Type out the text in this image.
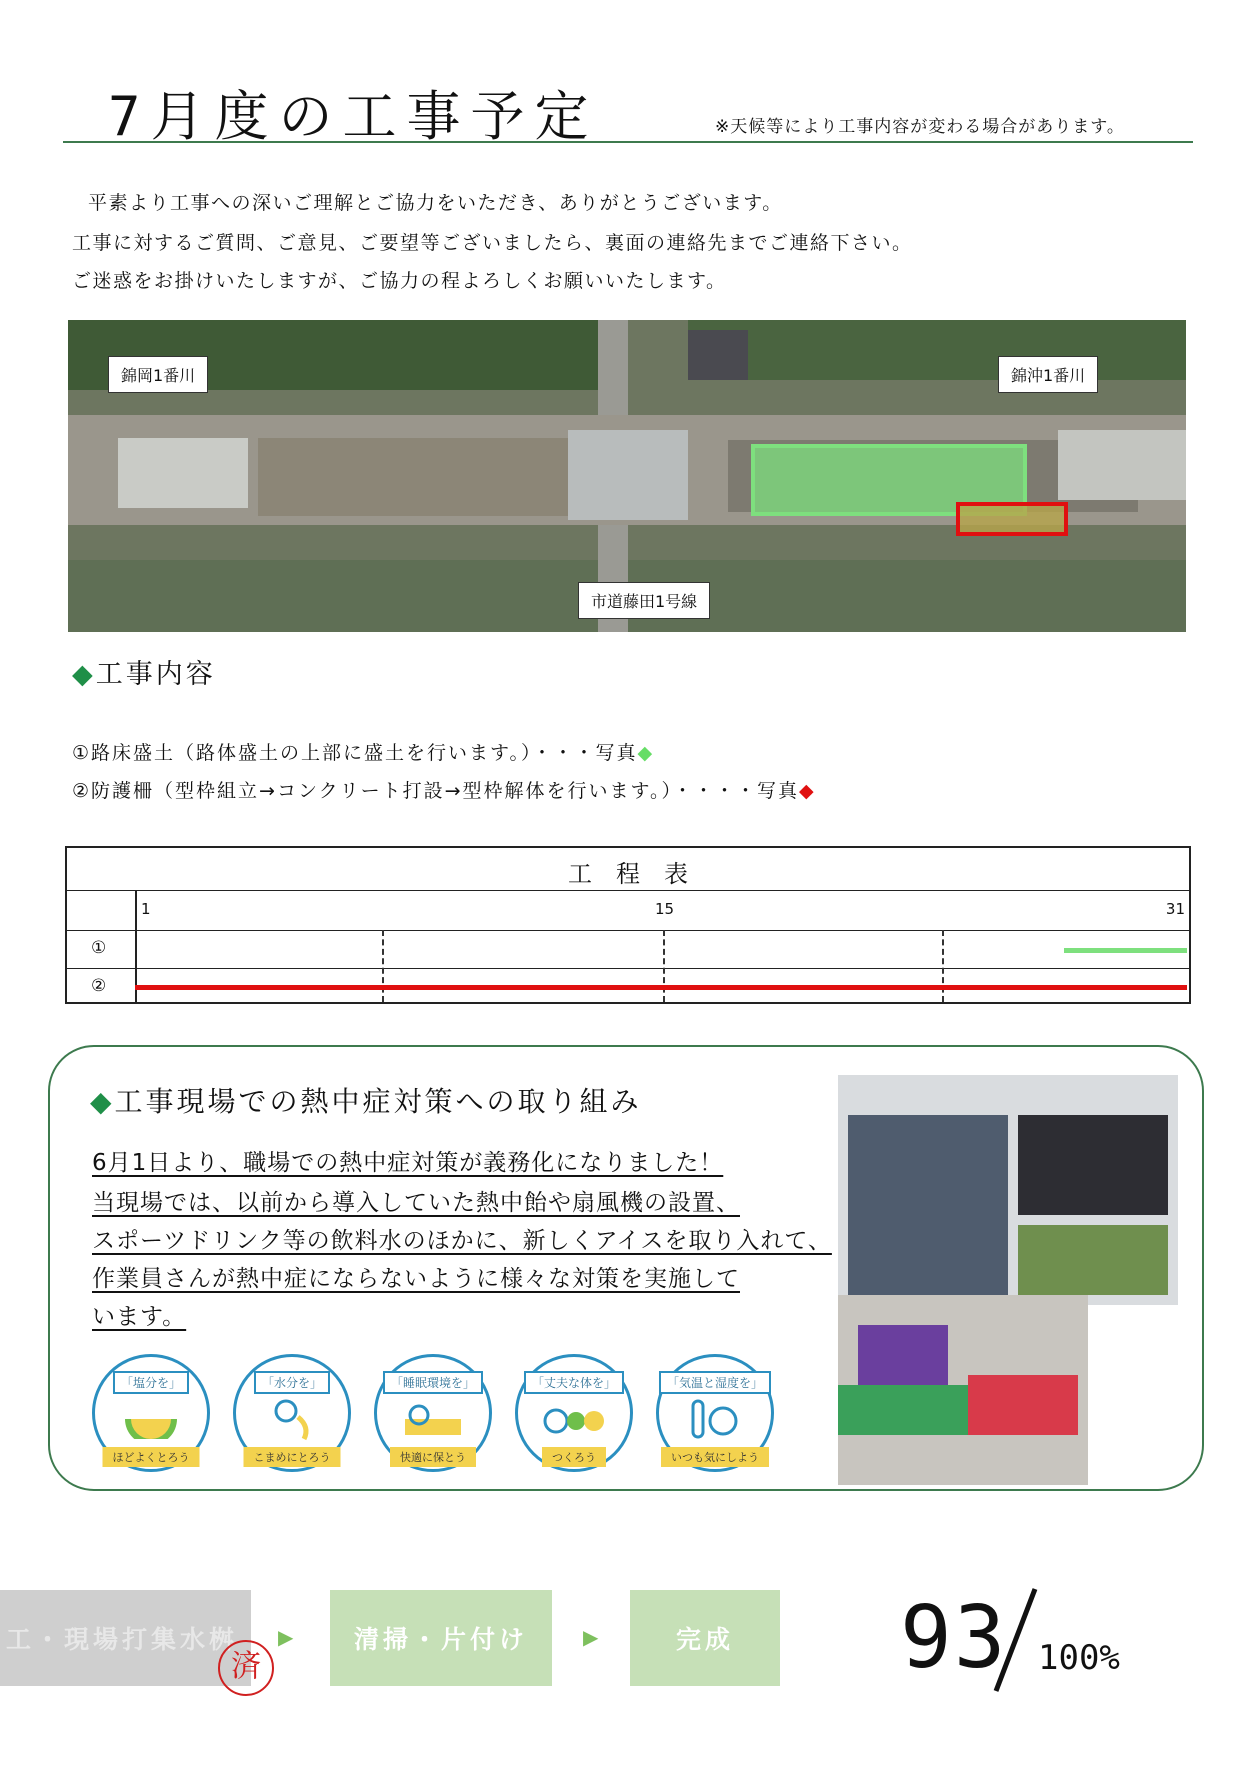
7月度の工事予定	※天候等により工事内容が変わる場合があります。
平素より工事への深いご理解とご協力をいただき、ありがとうございます。
工事に対するご質問、ご意見、ご要望等ございましたら、裏面の連絡先までご連絡下さい。
ご迷惑をお掛けいたしますが、ご協力の程よろしくお願いいたします。
錦岡1番川	錦沖1番川
市道藤田1号線
◆工事内容
①路床盛土（路体盛土の上部に盛土を行います。）・・・写真◆
②防護柵（型枠組立→コンクリート打設→型枠解体を行います。）・・・・写真◆
工　程　表
1	15	31
①
②
◆工事現場での熱中症対策への取り組み
6月1日より、職場での熱中症対策が義務化になりました！
当現場では、以前から導入していた熱中飴や扇風機の設置、
スポーツドリンク等の飲料水のほかに、新しくアイスを取り入れて、
作業員さんが熱中症にならないように様々な対策を実施して
います。
「塩分を」
ほどよくとろう
「水分を」
こまめにとろう
「睡眠環境を」
快適に保とう
「丈夫な体を」
つくろう
「気温と湿度を」
いつも気にしよう
工・現場打集水桝
済
▶	清掃・片付け	▶	完成	93 100%
